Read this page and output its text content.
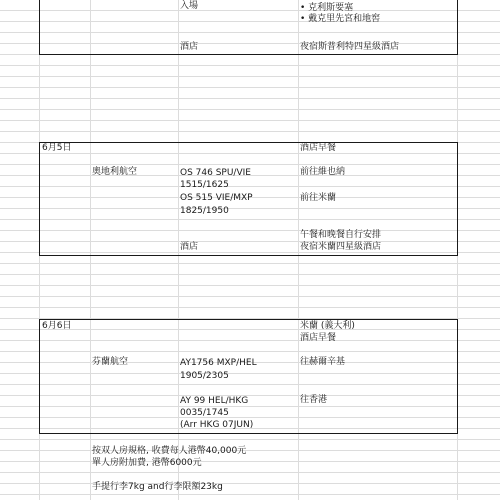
入場	• 克利斯要塞
• 戴克里先宮和地窖
酒店	夜宿斯普利特四星級酒店
6月5日	酒店早餐
奧地利航空	OS 746 SPU/VIE	前往維也納
1515/1625
OS 515 VIE/MXP	前往米蘭
1825/1950
午餐和晚餐自行安排
酒店	夜宿米蘭四星級酒店
6月6日	米蘭 (義大利)
酒店早餐
芬蘭航空	AY1756 MXP/HEL	往赫爾辛基
1905/2305
AY 99 HEL/HKG	往香港
0035/1745
(Arr HKG 07JUN)
按双人房規格, 收費每人港幣40,000元
單人房附加費, 港幣6000元
手提行李7kg and行李限額23kg
